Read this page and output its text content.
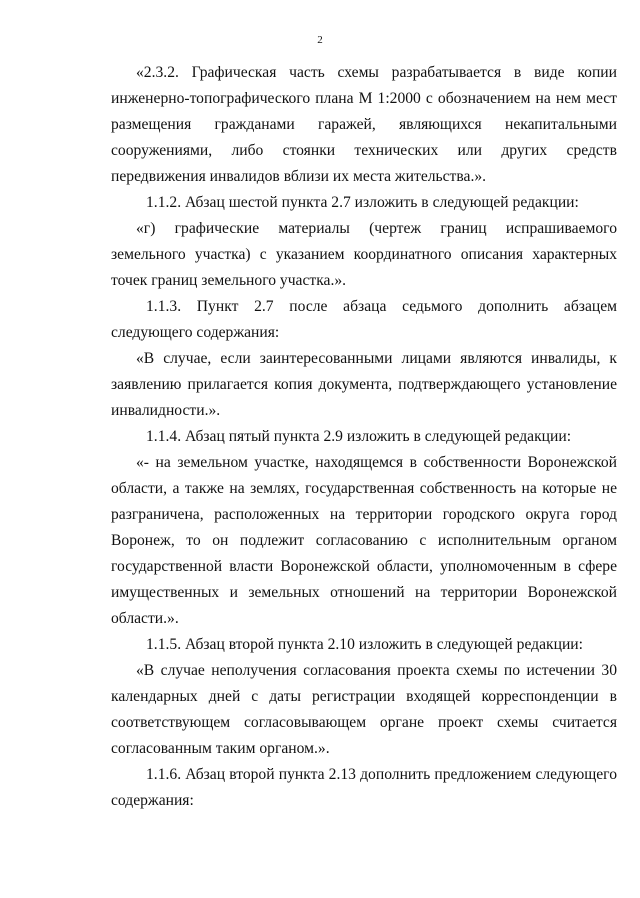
2

«2.3.2. Графическая часть схемы разрабатывается в виде копии инженерно-топографического плана М 1:2000 с обозначением на нем мест размещения гражданами гаражей, являющихся некапитальными сооружениями, либо стоянки технических или других средств передвижения инвалидов вблизи их места жительства.».

1.1.2. Абзац шестой пункта 2.7 изложить в следующей редакции:

«г) графические материалы (чертеж границ испрашиваемого земельного участка) с указанием координатного описания характерных точек границ земельного участка.».

1.1.3. Пункт 2.7 после абзаца седьмого дополнить абзацем следующего содержания:

«В случае, если заинтересованными лицами являются инвалиды, к заявлению прилагается копия документа, подтверждающего установление инвалидности.».

1.1.4. Абзац пятый пункта 2.9 изложить в следующей редакции:

«- на земельном участке, находящемся в собственности Воронежской области, а также на землях, государственная собственность на которые не разграничена, расположенных на территории городского округа город Воронеж, то он подлежит согласованию с исполнительным органом государственной власти Воронежской области, уполномоченным в сфере имущественных и земельных отношений на территории Воронежской области.».

1.1.5. Абзац второй пункта 2.10 изложить в следующей редакции:

«В случае неполучения согласования проекта схемы по истечении 30 календарных дней с даты регистрации входящей корреспонденции в соответствующем согласовывающем органе проект схемы считается согласованным таким органом.».

1.1.6. Абзац второй пункта 2.13 дополнить предложением следующего содержания:
